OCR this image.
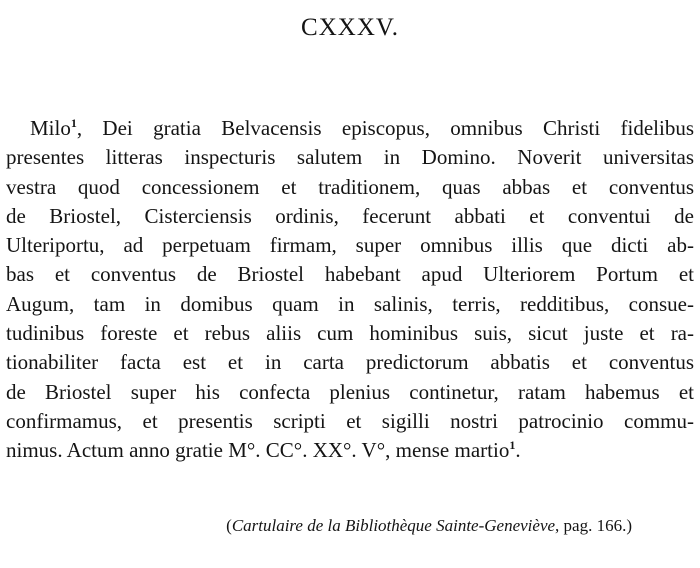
CXXXV.
Milo$^1$, Dei gratia Belvacensis episcopus, omnibus Christi fidelibus
presentes litteras inspecturis salutem in Domino. Noverit universitas
vestra quod concessionem et traditionem, quas abbas et conventus
de Briostel, Cisterciensis ordinis, fecerunt abbati et conventui de
Ulteriportu, ad perpetuam firmam, super omnibus illis que dicti ab-
bas et conventus de Briostel habebant apud Ulteriorem Portum et
Augum, tam in domibus quam in salinis, terris, redditibus, consue-
tudinibus foreste et rebus aliis cum hominibus suis, sicut juste et ra-
tionabiliter facta est et in carta predictorum abbatis et conventus
de Briostel super his confecta plenius continetur, ratam habemus et
confirmamus, et presentis scripti et sigilli nostri patrocinio commu-
nimus. Actum anno gratie M°. CC°. XX°. V°, mense martio$^1$.
(Cartulaire de la Bibliothèque Sainte-Geneviève, pag. 166.)
